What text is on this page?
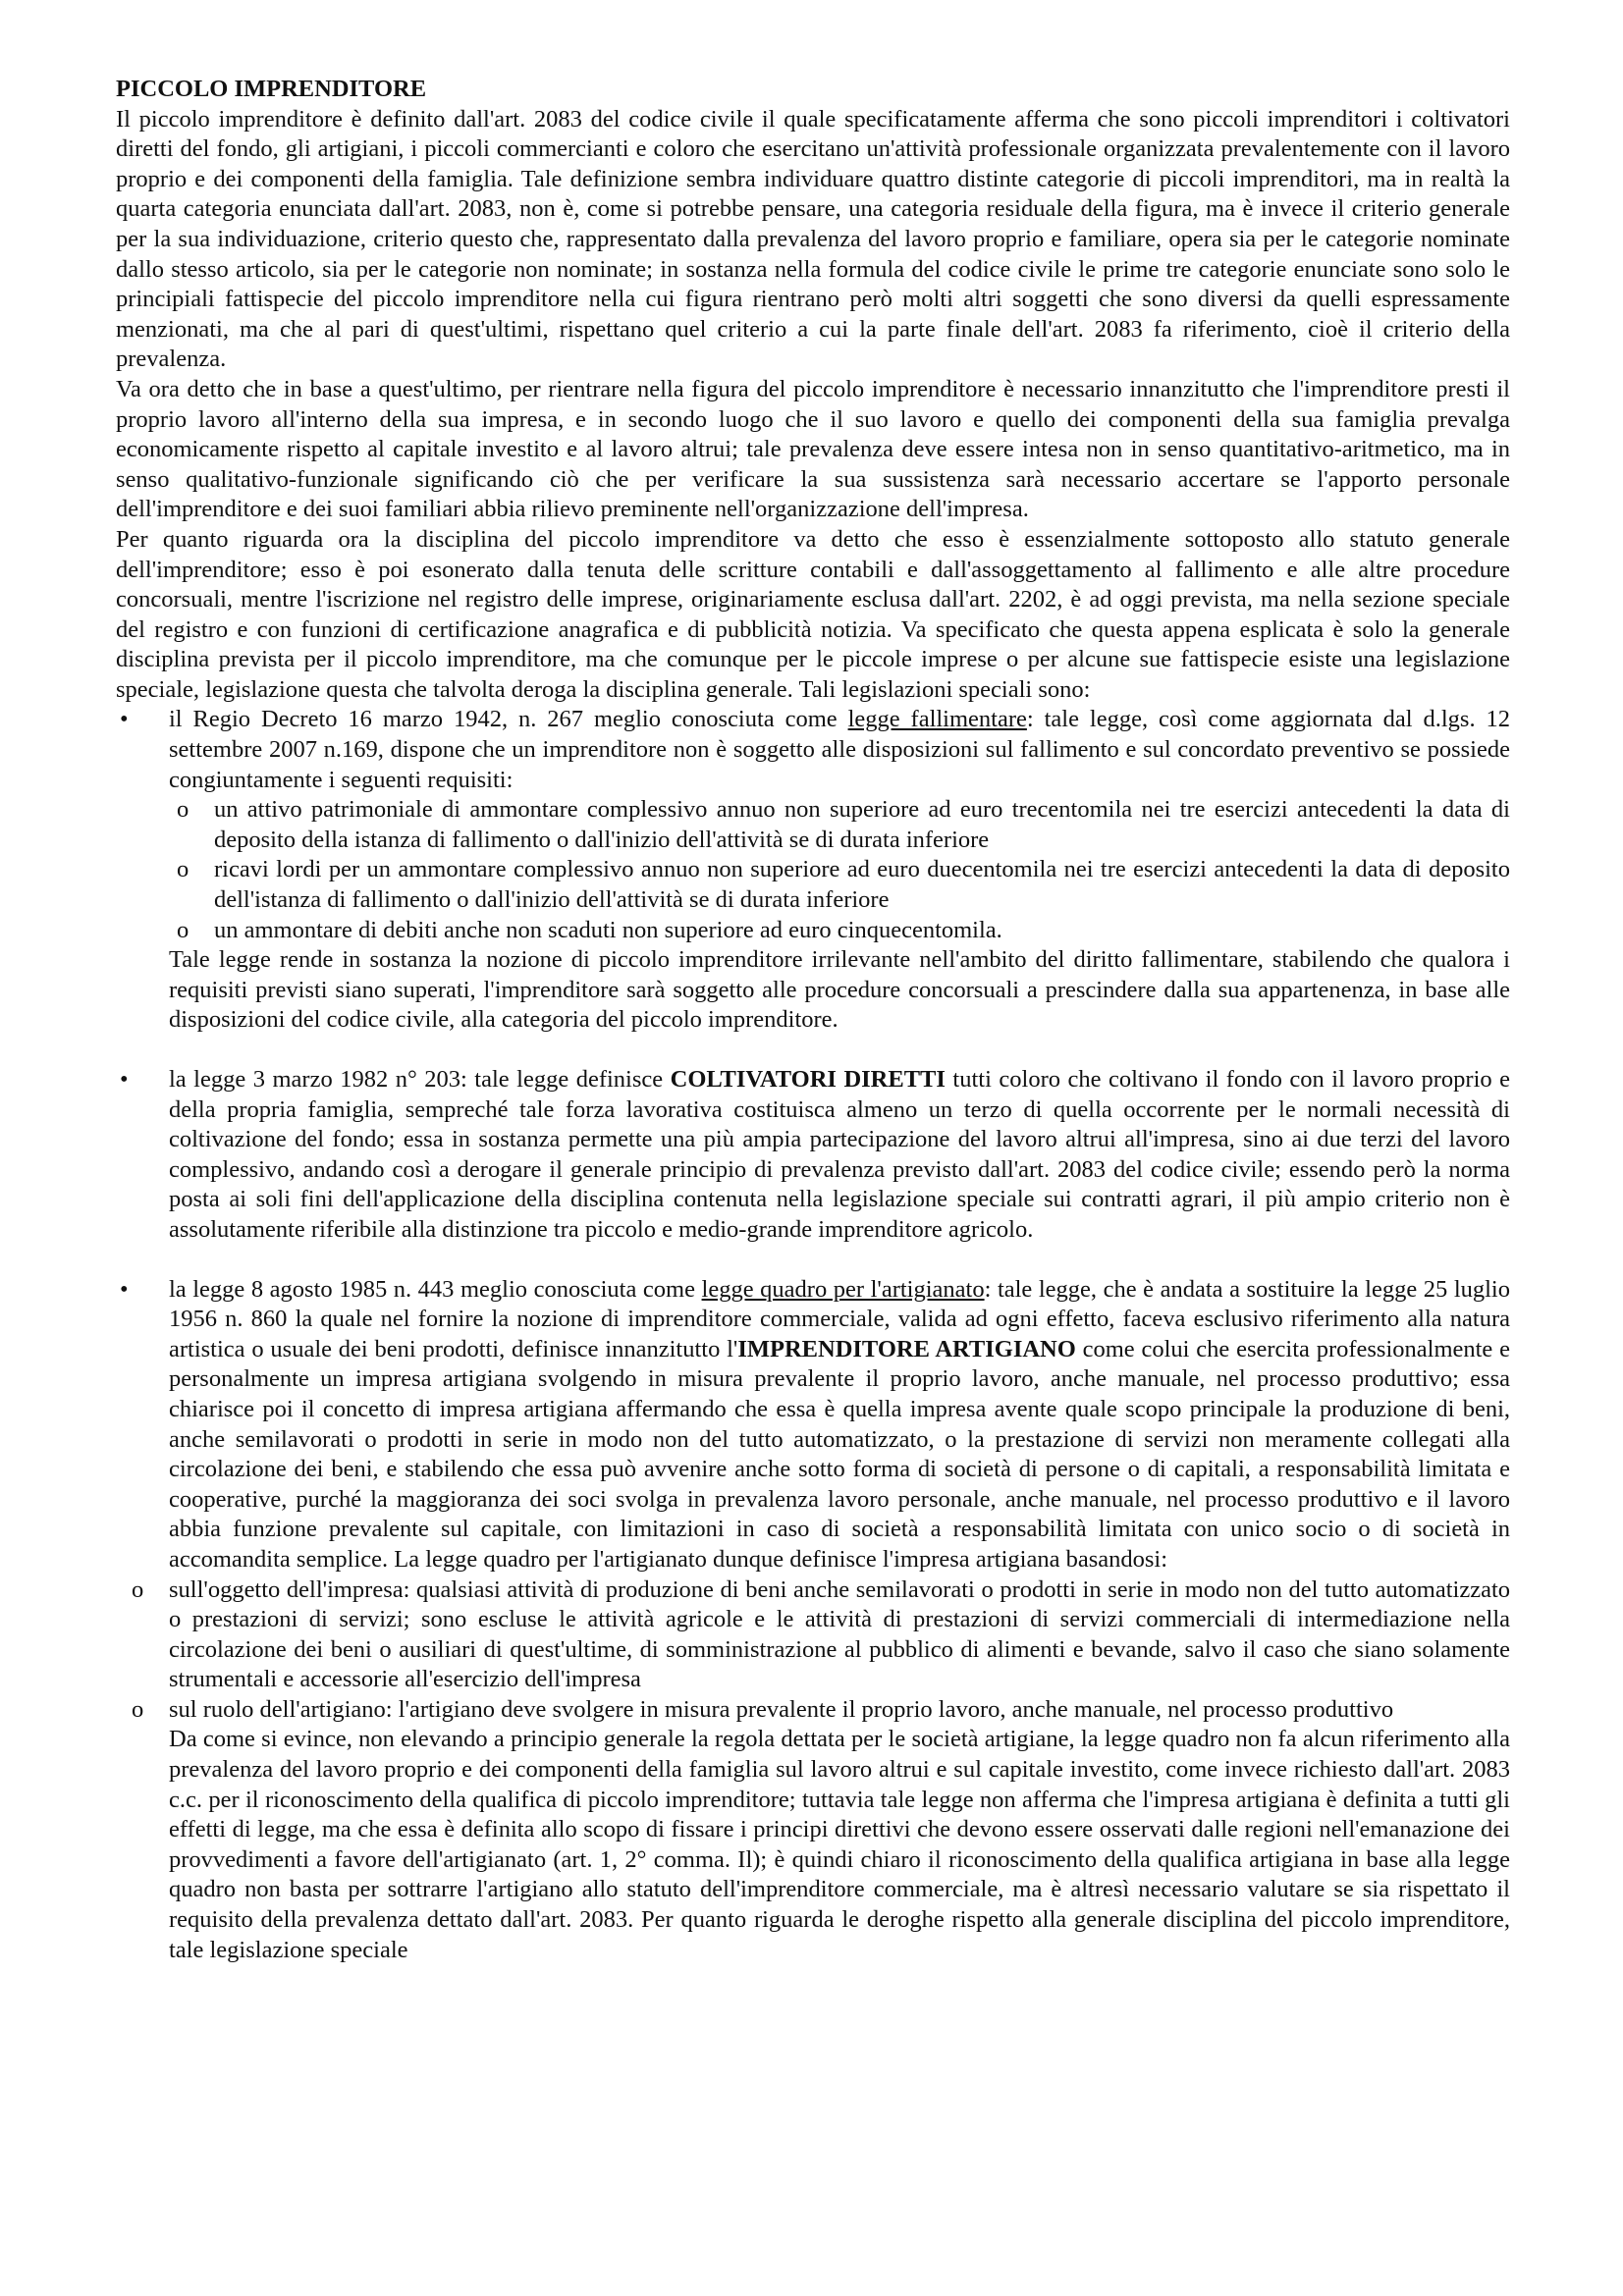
PICCOLO IMPRENDITORE

Il piccolo imprenditore è definito dall'art. 2083 del codice civile il quale specificatamente afferma che sono piccoli imprenditori i coltivatori diretti del fondo, gli artigiani, i piccoli commercianti e coloro che esercitano un'attività professionale organizzata prevalentemente con il lavoro proprio e dei componenti della famiglia. Tale definizione sembra individuare quattro distinte categorie di piccoli imprenditori, ma in realtà la quarta categoria enunciata dall'art. 2083, non è, come si potrebbe pensare, una categoria residuale della figura, ma è invece il criterio generale per la sua individuazione, criterio questo che, rappresentato dalla prevalenza del lavoro proprio e familiare, opera sia per le categorie nominate dallo stesso articolo, sia per le categorie non nominate; in sostanza nella formula del codice civile le prime tre categorie enunciate sono solo le principiali fattispecie del piccolo imprenditore nella cui figura rientrano però molti altri soggetti che sono diversi da quelli espressamente menzionati, ma che al pari di quest'ultimi, rispettano quel criterio a cui la parte finale dell'art. 2083 fa riferimento, cioè il criterio della prevalenza.

Va ora detto che in base a quest'ultimo, per rientrare nella figura del piccolo imprenditore è necessario innanzitutto che l'imprenditore presti il proprio lavoro all'interno della sua impresa, e in secondo luogo che il suo lavoro e quello dei componenti della sua famiglia prevalga economicamente rispetto al capitale investito e al lavoro altrui; tale prevalenza deve essere intesa non in senso quantitativo-aritmetico, ma in senso qualitativo-funzionale significando ciò che per verificare la sua sussistenza sarà necessario accertare se l'apporto personale dell'imprenditore e dei suoi familiari abbia rilievo preminente nell'organizzazione dell'impresa.

Per quanto riguarda ora la disciplina del piccolo imprenditore va detto che esso è essenzialmente sottoposto allo statuto generale dell'imprenditore; esso è poi esonerato dalla tenuta delle scritture contabili e dall'assoggettamento al fallimento e alle altre procedure concorsuali, mentre l'iscrizione nel registro delle imprese, originariamente esclusa dall'art. 2202, è ad oggi prevista, ma nella sezione speciale del registro e con funzioni di certificazione anagrafica e di pubblicità notizia. Va specificato che questa appena esplicata è solo la generale disciplina prevista per il piccolo imprenditore, ma che comunque per le piccole imprese o per alcune sue fattispecie esiste una legislazione speciale, legislazione questa che talvolta deroga la disciplina generale. Tali legislazioni speciali sono:

• il Regio Decreto 16 marzo 1942, n. 267 meglio conosciuta come legge fallimentare: tale legge, così come aggiornata dal d.lgs. 12 settembre 2007 n.169, dispone che un imprenditore non è soggetto alle disposizioni sul fallimento e sul concordato preventivo se possiede congiuntamente i seguenti requisiti:

o un attivo patrimoniale di ammontare complessivo annuo non superiore ad euro trecentomila nei tre esercizi antecedenti la data di deposito della istanza di fallimento o dall'inizio dell'attività se di durata inferiore

o ricavi lordi per un ammontare complessivo annuo non superiore ad euro duecentomila nei tre esercizi antecedenti la data di deposito dell'istanza di fallimento o dall'inizio dell'attività se di durata inferiore

o un ammontare di debiti anche non scaduti non superiore ad euro cinquecentomila.

Tale legge rende in sostanza la nozione di piccolo imprenditore irrilevante nell'ambito del diritto fallimentare, stabilendo che qualora i requisiti previsti siano superati, l'imprenditore sarà soggetto alle procedure concorsuali a prescindere dalla sua appartenenza, in base alle disposizioni del codice civile, alla categoria del piccolo imprenditore.

• la legge 3 marzo 1982 n° 203: tale legge definisce COLTIVATORI DIRETTI tutti coloro che coltivano il fondo con il lavoro proprio e della propria famiglia, sempreché tale forza lavorativa costituisca almeno un terzo di quella occorrente per le normali necessità di coltivazione del fondo; essa in sostanza permette una più ampia partecipazione del lavoro altrui all'impresa, sino ai due terzi del lavoro complessivo, andando così a derogare il generale principio di prevalenza previsto dall'art. 2083 del codice civile; essendo però la norma posta ai soli fini dell'applicazione della disciplina contenuta nella legislazione speciale sui contratti agrari, il più ampio criterio non è assolutamente riferibile alla distinzione tra piccolo e medio-grande imprenditore agricolo.

• la legge 8 agosto 1985 n. 443 meglio conosciuta come legge quadro per l'artigianato: tale legge, che è andata a sostituire la legge 25 luglio 1956 n. 860 la quale nel fornire la nozione di imprenditore commerciale, valida ad ogni effetto, faceva esclusivo riferimento alla natura artistica o usuale dei beni prodotti, definisce innanzitutto l'IMPRENDITORE ARTIGIANO come colui che esercita professionalmente e personalmente un impresa artigiana svolgendo in misura prevalente il proprio lavoro, anche manuale, nel processo produttivo; essa chiarisce poi il concetto di impresa artigiana affermando che essa è quella impresa avente quale scopo principale la produzione di beni, anche semilavorati o prodotti in serie in modo non del tutto automatizzato, o la prestazione di servizi non meramente collegati alla circolazione dei beni, e stabilendo che essa può avvenire anche sotto forma di società di persone o di capitali, a responsabilità limitata e cooperative, purché la maggioranza dei soci svolga in prevalenza lavoro personale, anche manuale, nel processo produttivo e il lavoro abbia funzione prevalente sul capitale, con limitazioni in caso di società a responsabilità limitata con unico socio o di società in accomandita semplice. La legge quadro per l'artigianato dunque definisce l'impresa artigiana basandosi:

o sull'oggetto dell'impresa: qualsiasi attività di produzione di beni anche semilavorati o prodotti in serie in modo non del tutto automatizzato o prestazioni di servizi; sono escluse le attività agricole e le attività di prestazioni di servizi commerciali di intermediazione nella circolazione dei beni o ausiliari di quest'ultime, di somministrazione al pubblico di alimenti e bevande, salvo il caso che siano solamente strumentali e accessorie all'esercizio dell'impresa

o sul ruolo dell'artigiano: l'artigiano deve svolgere in misura prevalente il proprio lavoro, anche manuale, nel processo produttivo

Da come si evince, non elevando a principio generale la regola dettata per le società artigiane, la legge quadro non fa alcun riferimento alla prevalenza del lavoro proprio e dei componenti della famiglia sul lavoro altrui e sul capitale investito, come invece richiesto dall'art. 2083 c.c. per il riconoscimento della qualifica di piccolo imprenditore; tuttavia tale legge non afferma che l'impresa artigiana è definita a tutti gli effetti di legge, ma che essa è definita allo scopo di fissare i principi direttivi che devono essere osservati dalle regioni nell'emanazione dei provvedimenti a favore dell'artigianato (art. 1, 2° comma. Il); è quindi chiaro il riconoscimento della qualifica artigiana in base alla legge quadro non basta per sottrarre l'artigiano allo statuto dell'imprenditore commerciale, ma è altresì necessario valutare se sia rispettato il requisito della prevalenza dettato dall'art. 2083. Per quanto riguarda le deroghe rispetto alla generale disciplina del piccolo imprenditore, tale legislazione speciale
